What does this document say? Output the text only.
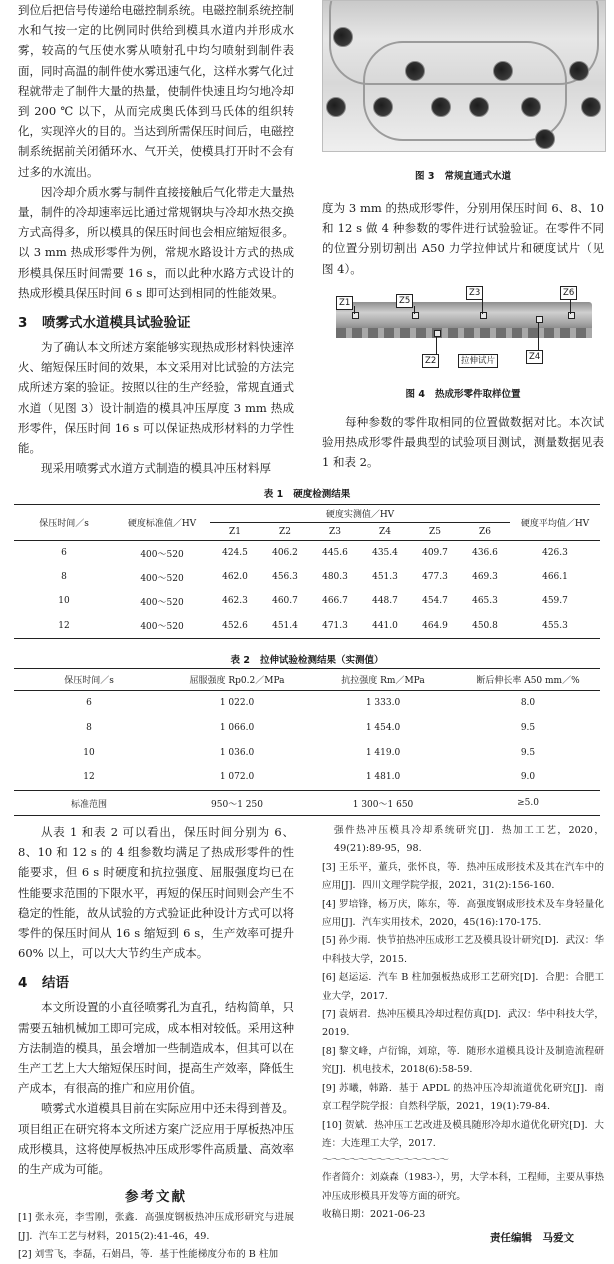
到位后把信号传递给电磁控制系统。电磁控制系统控制水和气按一定的比例同时供给到模具水道内并形成水雾，较高的气压使水雾从喷射孔中均匀喷射到制件表面，同时高温的制件使水雾迅速气化，这样水雾气化过程就带走了制件大量的热量，使制件快速且均匀地冷却到 200 ℃ 以下，从而完成奥氏体到马氏体的组织转化，实现淬火的目的。当达到所需保压时间后，电磁控制系统据前关闭循环水、气开关，使模具打开时不会有过多的水流出。

因冷却介质水雾与制件直接接触后气化带走大量热量，制件的冷却速率远比通过常规钢块与冷却水热交换方式高得多，所以模具的保压时间也会相应缩短很多。以 3 mm 热成形零件为例，常规水路设计方式的热成形模具保压时间需要 16 s，而以此种水路方式设计的热成形模具保压时间 6 s 即可达到相同的性能效果。

3 喷雾式水道模具试验验证

为了确认本文所述方案能够实现热成形材料快速淬火、缩短保压时间的效果，本文采用对比试验的方法完成所述方案的验证。按照以往的生产经验，常规直通式水道（见图 3）设计制造的模具冲压厚度 3 mm 热成形零件，保压时间 16 s 可以保证热成形材料的力学性能。

现采用喷雾式水道方式制造的模具冲压材料厚

图 3 常规直通式水道

度为 3 mm 的热成形零件，分别用保压时间 6、8、10 和 12 s 做 4 种参数的零件进行试验验证。在零件不同的位置分别切割出 A50 力学拉伸试片和硬度试片（见图 4）。

Z1	Z5
Z3	Z6
Z2	拉伸试片	Z4
图 4 热成形零件取样位置

每种参数的零件取相同的位置做数据对比。本次试验用热成形零件最典型的试验项目测试，测量数据见表 1 和表 2。

表 1 硬度检测结果
保压时间／s	硬度标准值／HV	硬度实测值／HV						硬度平均值／HV
		Z1	Z2	Z3	Z4	Z5	Z6	
6	400～520	424.5	406.2	445.6	435.4	409.7	436.6	426.3
8	400～520	462.0	456.3	480.3	451.3	477.3	469.3	466.1
10	400～520	462.3	460.7	466.7	448.7	454.7	465.3	459.7
12	400～520	452.6	451.4	471.3	441.0	464.9	450.8	455.3
表 2 拉伸试验检测结果（实测值）
保压时间／s	屈服强度 Rp0.2／MPa	抗拉强度 Rm／MPa	断后伸长率 A50 mm／%
6	1 022.0	1 333.0	8.0
8	1 066.0	1 454.0	9.5
10	1 036.0	1 419.0	9.5
12	1 072.0	1 481.0	9.0
标准范围	950～1 250	1 300～1 650	≥5.0

从表 1 和表 2 可以看出，保压时间分别为 6、8、10 和 12 s 的 4 组参数均满足了热成形零件的性能要求，但 6 s 时硬度和抗拉强度、屈服强度均已在性能要求范围的下限水平，再短的保压时间则会产生不稳定的性能，故从试验的方式验证此种设计方式可以将零件的保压时间从 16 s 缩短到 6 s，生产效率可提升 60% 以上，可以大大节约生产成本。

4 结语

本文所设置的小直径喷雾孔为直孔，结构简单，只需要五轴机械加工即可完成，成本相对较低。采用这种方法制造的模具，虽会增加一些制造成本，但其可以在生产工艺上大大缩短保压时间，提高生产效率，降低生产成本，有很高的推广和应用价值。

喷雾式水道模具目前在实际应用中还未得到普及。项目组正在研究将本文所述方案广泛应用于厚板热冲压成形模具，这将使厚板热冲压成形零件高质量、高效率的生产成为可能。

参考文献

[1] 张永亮，李雪刚，张鑫．高强度钢板热冲压成形研究与进展[J]．汽车工艺与材料，2015(2):41-46，49.

[2] 刘雪飞，李磊，石娟昌，等．基于性能梯度分布的 B 柱加

强件热冲压模具冷却系统研究[J]．热加工工艺，2020，49(21):89-95，98.

[3] 王乐平，董兵，张怀良，等．热冲压成形技术及其在汽车中的应用[J]．四川文理学院学报，2021，31(2):156-160.

[4] 罗培锋，杨万庆，陈东，等．高强度钢成形技术及车身轻量化应用[J]．汽车实用技术，2020，45(16):170-175.

[5] 孙少雨．快节拍热冲压成形工艺及模具设计研究[D]．武汉：华中科技大学，2015.

[6] 赵运运．汽车 B 柱加强板热成形工艺研究[D]．合肥：合肥工业大学，2017.

[7] 袁炳君．热冲压模具冷却过程仿真[D]．武汉：华中科技大学，2019.

[8] 黎文峰，卢衍锦，刘琼，等．随形水道模具设计及制造流程研究[J]．机电技术，2018(6):58-59.

[9] 苏曦，韩路．基于 APDL 的热冲压冷却流道优化研究[J]．南京工程学院学报：自然科学版，2021，19(1):79-84.

[10] 贺斌．热冲压工艺改进及模具随形冷却水道优化研究[D]．大连：大连理工大学，2017.

～～～～～～～～～～～～～～

作者简介：刘焱森（1983-），男，大学本科，工程师，主要从事热冲压成形模具开发等方面的研究。

收稿日期：2021-06-23

责任编辑　马爱文
